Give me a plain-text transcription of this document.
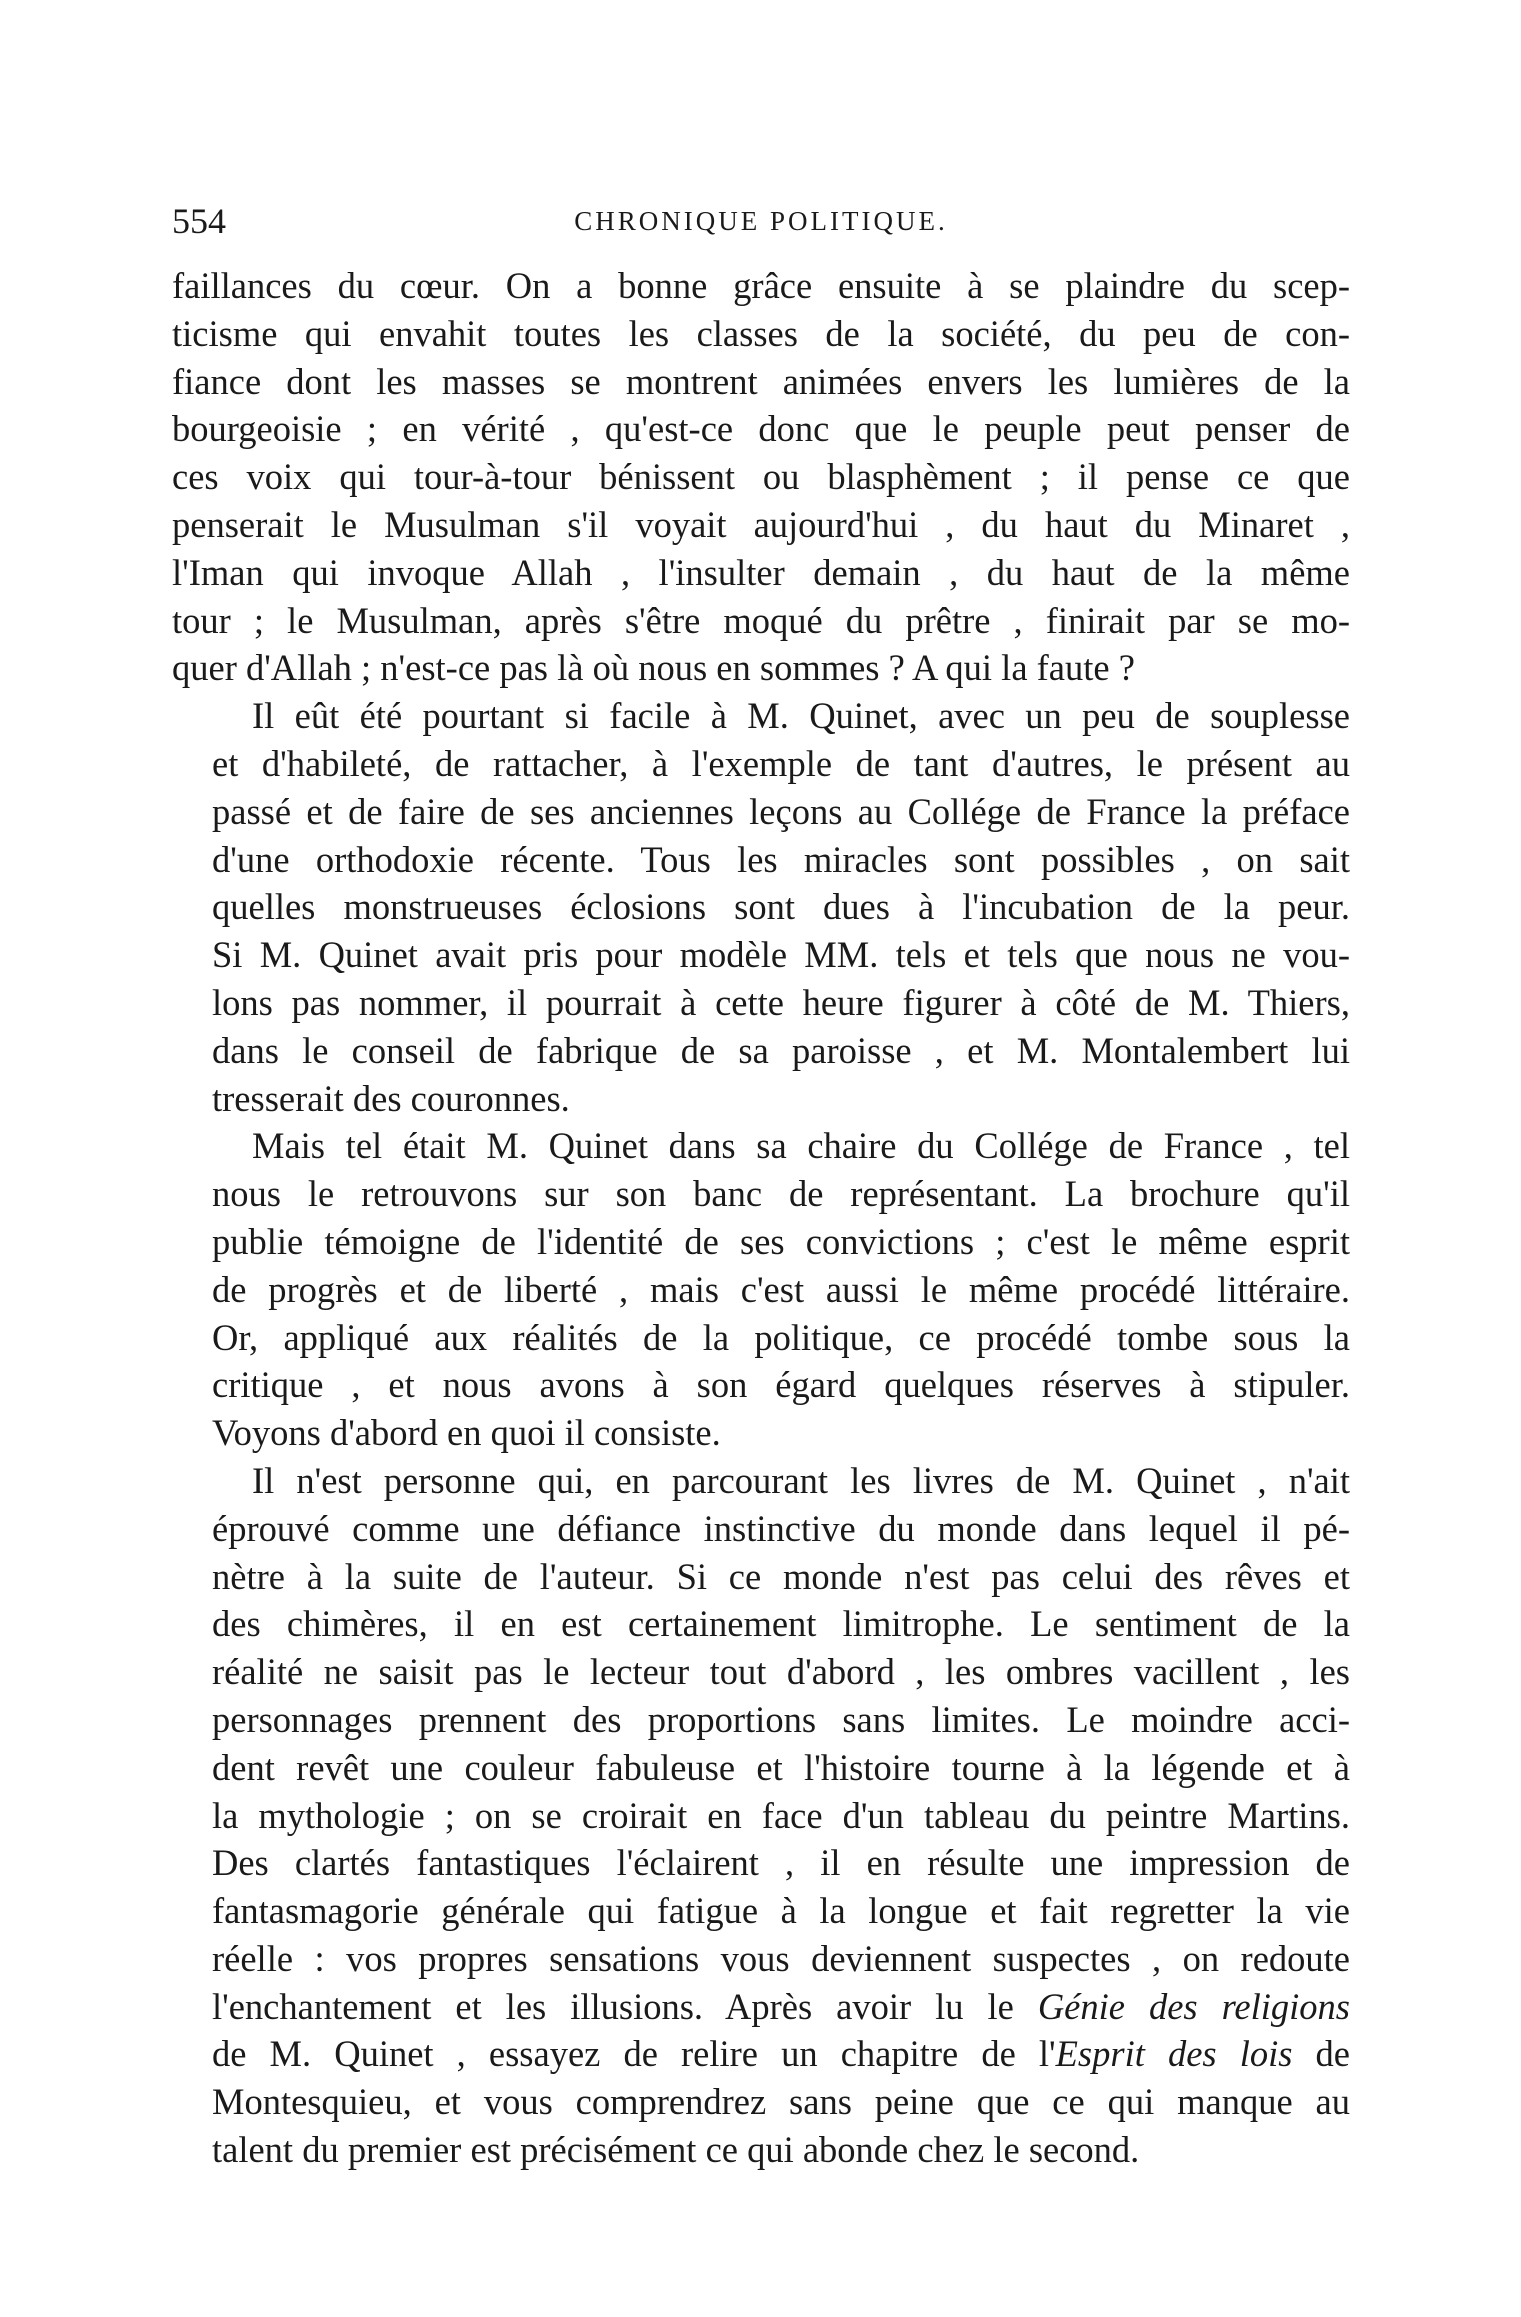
554	CHRONIQUE POLITIQUE.
faillances du cœur. On a bonne grâce ensuite à se plaindre du scep-
ticisme qui envahit toutes les classes de la société, du peu de con-
fiance dont les masses se montrent animées envers les lumières de la
bourgeoisie ; en vérité , qu'est-ce donc que le peuple peut penser de
ces voix qui tour-à-tour bénissent ou blasphèment ; il pense ce que
penserait le Musulman s'il voyait aujourd'hui , du haut du Minaret ,
l'Iman qui invoque Allah , l'insulter demain , du haut de la même
tour ; le Musulman, après s'être moqué du prêtre , finirait par se mo-
quer d'Allah ; n'est-ce pas là où nous en sommes ? A qui la faute ?
Il eût été pourtant si facile à M. Quinet, avec un peu de souplesse
et d'habileté, de rattacher, à l'exemple de tant d'autres, le présent au
passé et de faire de ses anciennes leçons au Collége de France la préface
d'une orthodoxie récente. Tous les miracles sont possibles , on sait
quelles monstrueuses éclosions sont dues à l'incubation de la peur.
Si M. Quinet avait pris pour modèle MM. tels et tels que nous ne vou-
lons pas nommer, il pourrait à cette heure figurer à côté de M. Thiers,
dans le conseil de fabrique de sa paroisse , et M. Montalembert lui
tresserait des couronnes.
Mais tel était M. Quinet dans sa chaire du Collége de France , tel
nous le retrouvons sur son banc de représentant. La brochure qu'il
publie témoigne de l'identité de ses convictions ; c'est le même esprit
de progrès et de liberté , mais c'est aussi le même procédé littéraire.
Or, appliqué aux réalités de la politique, ce procédé tombe sous la
critique , et nous avons à son égard quelques réserves à stipuler.
Voyons d'abord en quoi il consiste.
Il n'est personne qui, en parcourant les livres de M. Quinet , n'ait
éprouvé comme une défiance instinctive du monde dans lequel il pé-
nètre à la suite de l'auteur. Si ce monde n'est pas celui des rêves et
des chimères, il en est certainement limitrophe. Le sentiment de la
réalité ne saisit pas le lecteur tout d'abord , les ombres vacillent , les
personnages prennent des proportions sans limites. Le moindre acci-
dent revêt une couleur fabuleuse et l'histoire tourne à la légende et à
la mythologie ; on se croirait en face d'un tableau du peintre Martins.
Des clartés fantastiques l'éclairent , il en résulte une impression de
fantasmagorie générale qui fatigue à la longue et fait regretter la vie
réelle : vos propres sensations vous deviennent suspectes , on redoute
l'enchantement et les illusions. Après avoir lu le Génie des religions
de M. Quinet , essayez de relire un chapitre de l'Esprit des lois de
Montesquieu, et vous comprendrez sans peine que ce qui manque au
talent du premier est précisément ce qui abonde chez le second.
